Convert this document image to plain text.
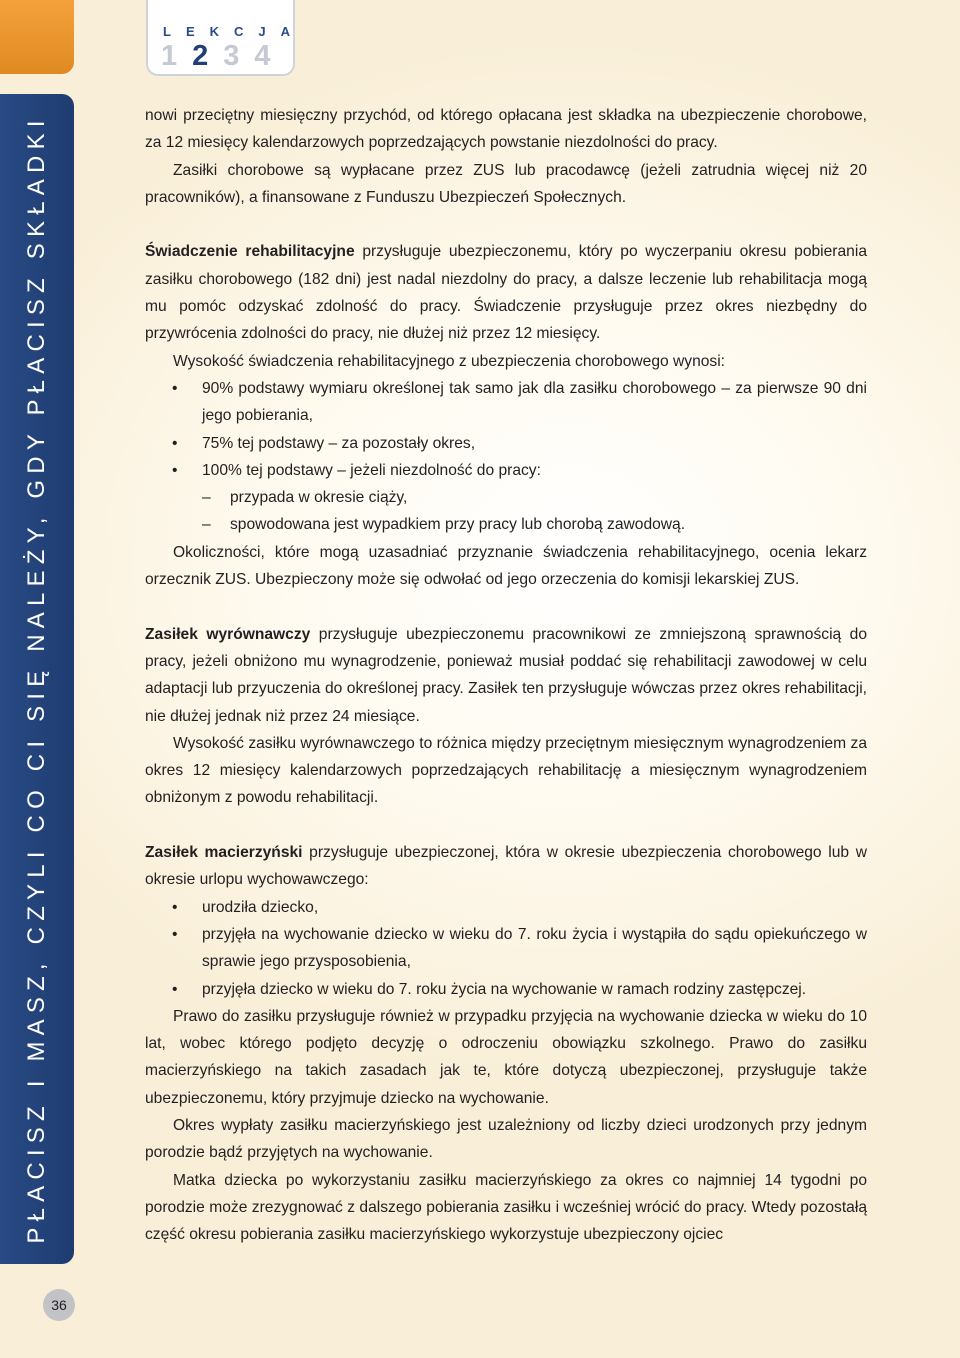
PŁACISZ I MASZ, CZYLI CO CI SIĘ NALEŻY, GDY PŁACISZ SKŁADKI
LEKCJA
1 2 3 4

nowi przeciętny miesięczny przychód, od którego opłacana jest składka na ubezpieczenie chorobowe, za 12 miesięcy kalendarzowych poprzedzających powstanie niezdolności do pracy.

Zasiłki chorobowe są wypłacane przez ZUS lub pracodawcę (jeżeli zatrudnia więcej niż 20 pracowników), a finansowane z Funduszu Ubezpieczeń Społecznych.

Świadczenie rehabilitacyjne przysługuje ubezpieczonemu, który po wyczerpaniu okresu pobierania zasiłku chorobowego (182 dni) jest nadal niezdolny do pracy, a dalsze leczenie lub rehabilitacja mogą mu pomóc odzyskać zdolność do pracy. Świadczenie przysługuje przez okres niezbędny do przywrócenia zdolności do pracy, nie dłużej niż przez 12 miesięcy.

Wysokość świadczenia rehabilitacyjnego z ubezpieczenia chorobowego wynosi:

• 90% podstawy wymiaru określonej tak samo jak dla zasiłku chorobowego – za pierwsze 90 dni jego pobierania,

• 75% tej podstawy – za pozostały okres,

• 100% tej podstawy – jeżeli niezdolność do pracy:

– przypada w okresie ciąży,

– spowodowana jest wypadkiem przy pracy lub chorobą zawodową.

Okoliczności, które mogą uzasadniać przyznanie świadczenia rehabilitacyjnego, ocenia lekarz orzecznik ZUS. Ubezpieczony może się odwołać od jego orzeczenia do komisji lekarskiej ZUS.

Zasiłek wyrównawczy przysługuje ubezpieczonemu pracownikowi ze zmniejszoną sprawnością do pracy, jeżeli obniżono mu wynagrodzenie, ponieważ musiał poddać się rehabilitacji zawodowej w celu adaptacji lub przyuczenia do określonej pracy. Zasiłek ten przysługuje wówczas przez okres rehabilitacji, nie dłużej jednak niż przez 24 miesiące.

Wysokość zasiłku wyrównawczego to różnica między przeciętnym miesięcznym wynagrodzeniem za okres 12 miesięcy kalendarzowych poprzedzających rehabilitację a miesięcznym wynagrodzeniem obniżonym z powodu rehabilitacji.

Zasiłek macierzyński przysługuje ubezpieczonej, która w okresie ubezpieczenia chorobowego lub w okresie urlopu wychowawczego:

• urodziła dziecko,

• przyjęła na wychowanie dziecko w wieku do 7. roku życia i wystąpiła do sądu opiekuńczego w sprawie jego przysposobienia,

• przyjęła dziecko w wieku do 7. roku życia na wychowanie w ramach rodziny zastępczej.

Prawo do zasiłku przysługuje również w przypadku przyjęcia na wychowanie dziecka w wieku do 10 lat, wobec którego podjęto decyzję o odroczeniu obowiązku szkolnego. Prawo do zasiłku macierzyńskiego na takich zasadach jak te, które dotyczą ubezpieczonej, przysługuje także ubezpieczonemu, który przyjmuje dziecko na wychowanie.

Okres wypłaty zasiłku macierzyńskiego jest uzależniony od liczby dzieci urodzonych przy jednym porodzie bądź przyjętych na wychowanie.

Matka dziecka po wykorzystaniu zasiłku macierzyńskiego za okres co najmniej 14 tygodni po porodzie może zrezygnować z dalszego pobierania zasiłku i wcześniej wrócić do pracy. Wtedy pozostałą część okresu pobierania zasiłku macierzyńskiego wykorzystuje ubezpieczony ojciec

36
